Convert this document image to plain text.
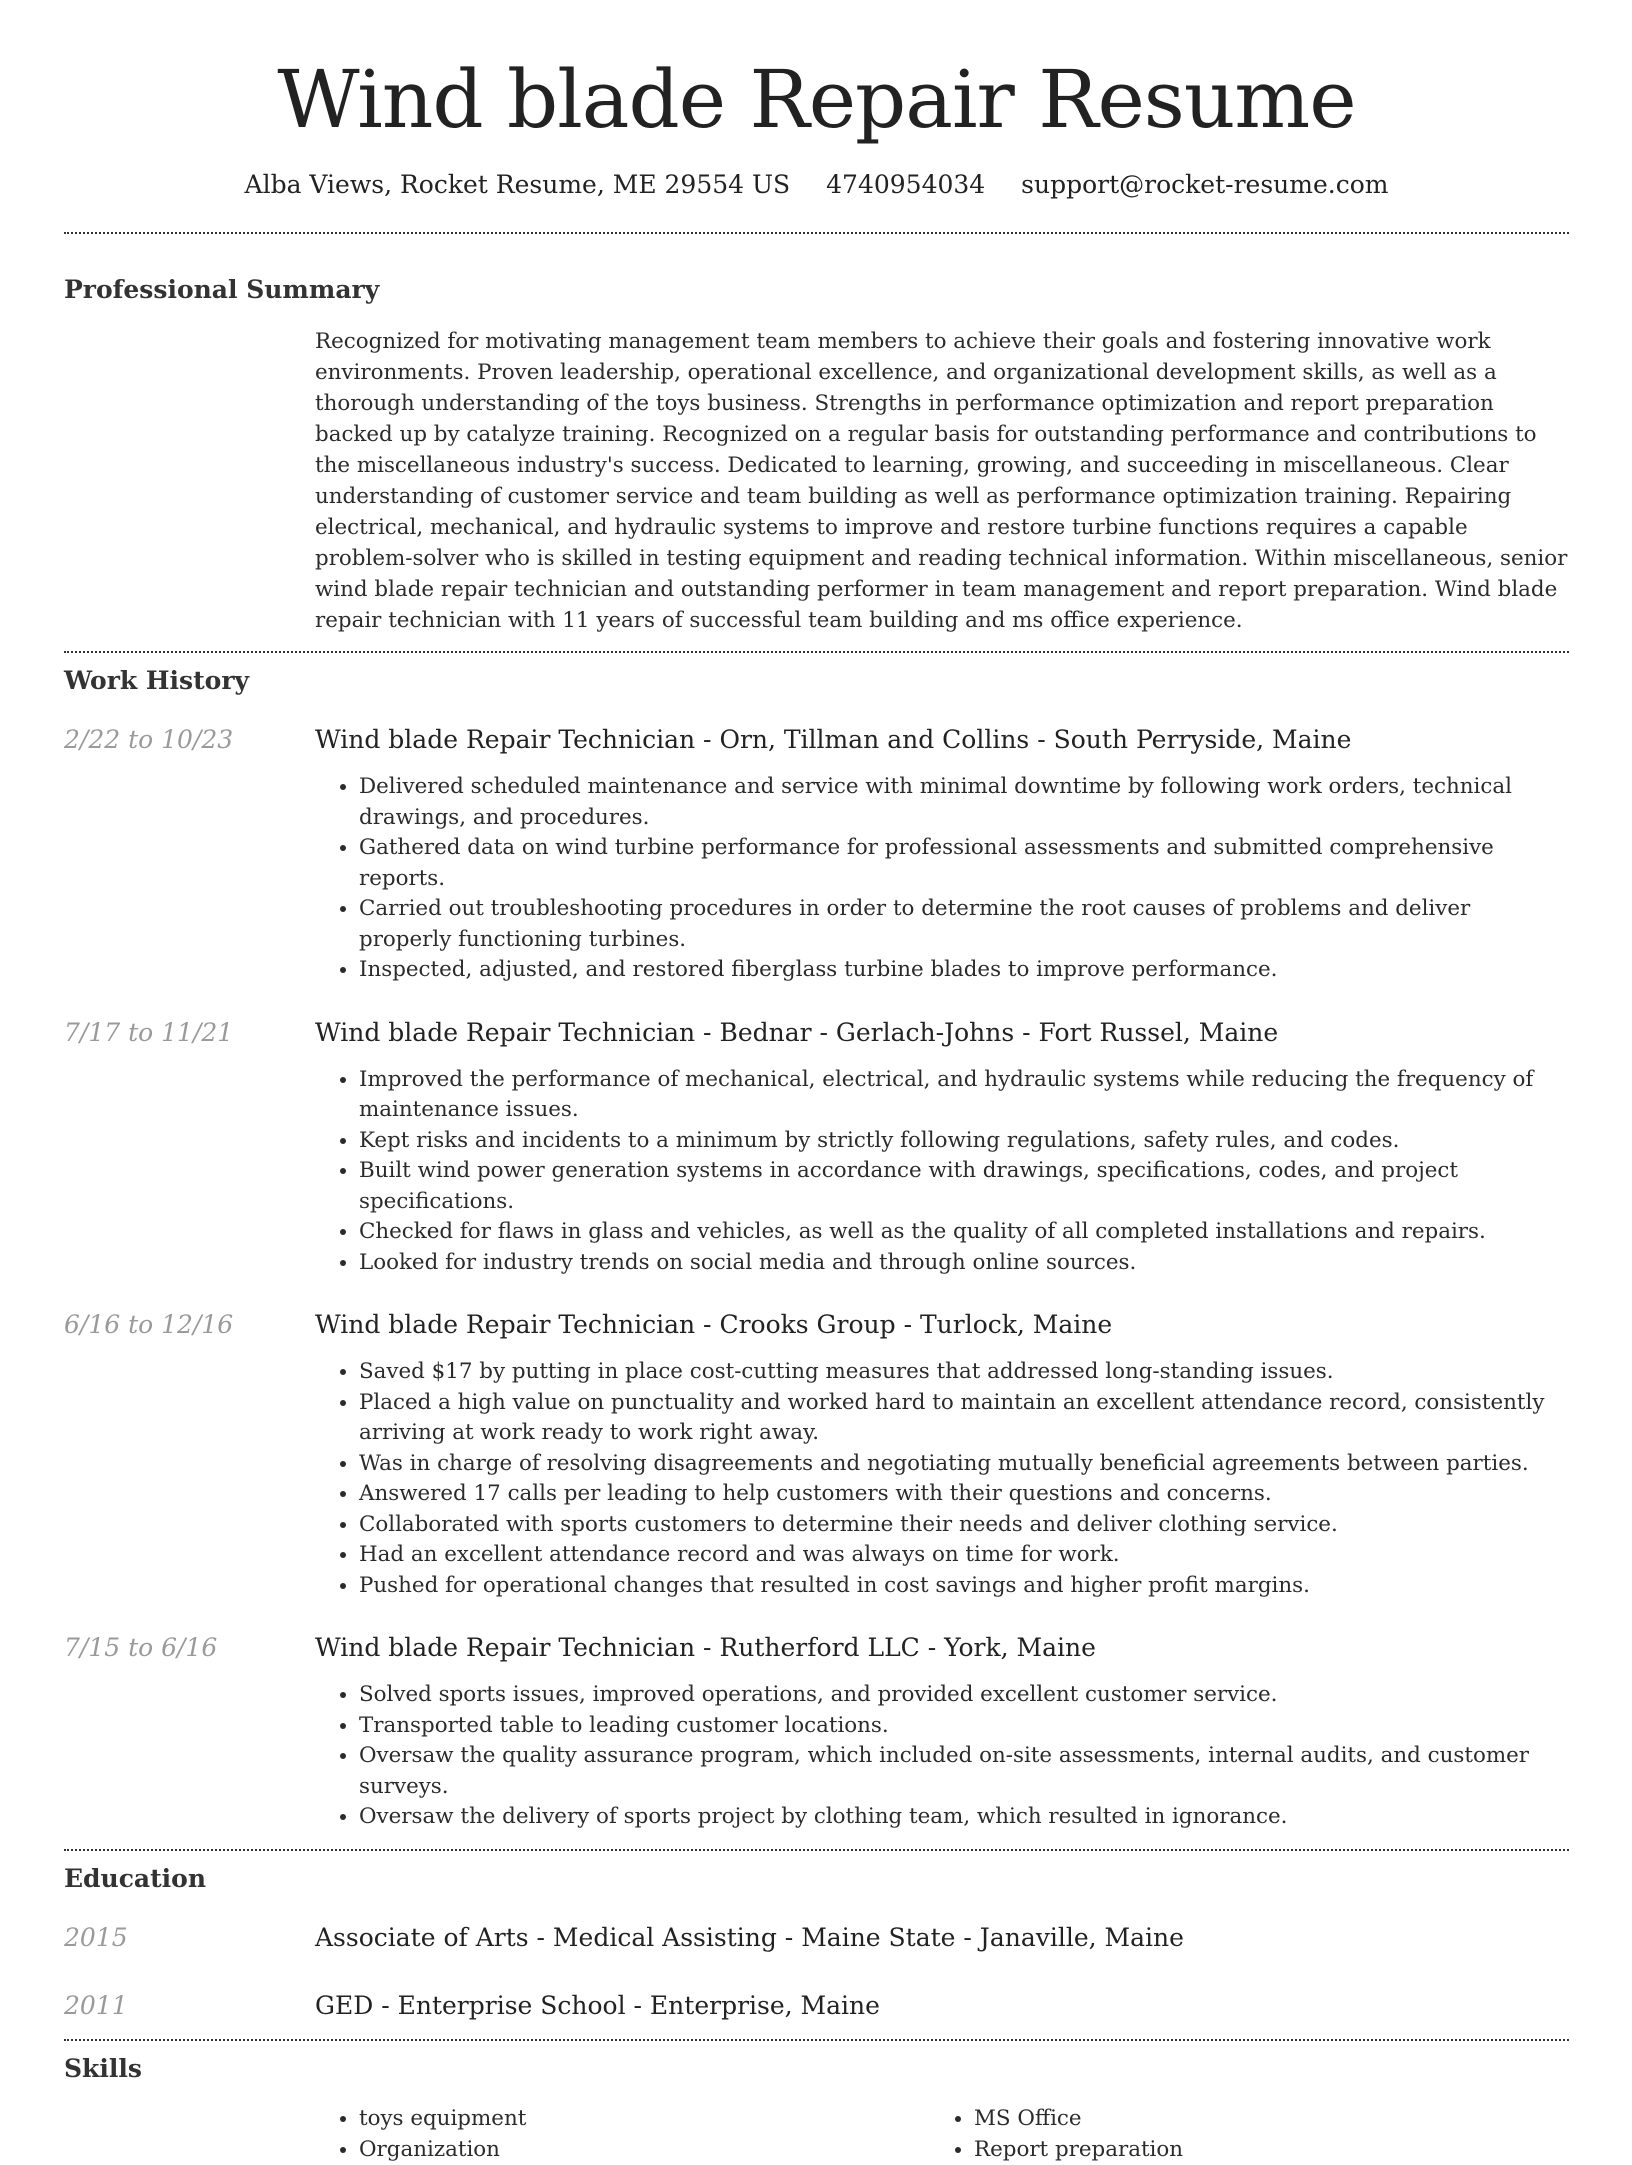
Wind blade Repair Resume
Alba Views, Rocket Resume, ME 29554 US 4740954034 support@rocket-resume.com
Professional Summary
Recognized for motivating management team members to achieve their goals and fostering innovative work environments. Proven leadership, operational excellence, and organizational development skills, as well as a thorough understanding of the toys business. Strengths in performance optimization and report preparation backed up by catalyze training. Recognized on a regular basis for outstanding performance and contributions to the miscellaneous industry's success. Dedicated to learning, growing, and succeeding in miscellaneous. Clear understanding of customer service and team building as well as performance optimization training. Repairing electrical, mechanical, and hydraulic systems to improve and restore turbine functions requires a capable problem-solver who is skilled in testing equipment and reading technical information. Within miscellaneous, senior wind blade repair technician and outstanding performer in team management and report preparation. Wind blade repair technician with 11 years of successful team building and ms office experience.
Work History
2/22 to 10/23	Wind blade Repair Technician - Orn, Tillman and Collins - South Perryside, Maine
• Delivered scheduled maintenance and service with minimal downtime by following work orders, technical drawings, and procedures.
• Gathered data on wind turbine performance for professional assessments and submitted comprehensive reports.
• Carried out troubleshooting procedures in order to determine the root causes of problems and deliver properly functioning turbines.
• Inspected, adjusted, and restored fiberglass turbine blades to improve performance.
7/17 to 11/21	Wind blade Repair Technician - Bednar - Gerlach-Johns - Fort Russel, Maine
• Improved the performance of mechanical, electrical, and hydraulic systems while reducing the frequency of maintenance issues.
• Kept risks and incidents to a minimum by strictly following regulations, safety rules, and codes.
• Built wind power generation systems in accordance with drawings, specifications, codes, and project specifications.
• Checked for flaws in glass and vehicles, as well as the quality of all completed installations and repairs.
• Looked for industry trends on social media and through online sources.
6/16 to 12/16	Wind blade Repair Technician - Crooks Group - Turlock, Maine
• Saved $17 by putting in place cost-cutting measures that addressed long-standing issues.
• Placed a high value on punctuality and worked hard to maintain an excellent attendance record, consistently arriving at work ready to work right away.
• Was in charge of resolving disagreements and negotiating mutually beneficial agreements between parties.
• Answered 17 calls per leading to help customers with their questions and concerns.
• Collaborated with sports customers to determine their needs and deliver clothing service.
• Had an excellent attendance record and was always on time for work.
• Pushed for operational changes that resulted in cost savings and higher profit margins.
7/15 to 6/16	Wind blade Repair Technician - Rutherford LLC - York, Maine
• Solved sports issues, improved operations, and provided excellent customer service.
• Transported table to leading customer locations.
• Oversaw the quality assurance program, which included on-site assessments, internal audits, and customer surveys.
• Oversaw the delivery of sports project by clothing team, which resulted in ignorance.
Education
2015	Associate of Arts - Medical Assisting - Maine State - Janaville, Maine
2011	GED - Enterprise School - Enterprise, Maine
Skills
• toys equipment
• Organization
• MS Office
• Report preparation
